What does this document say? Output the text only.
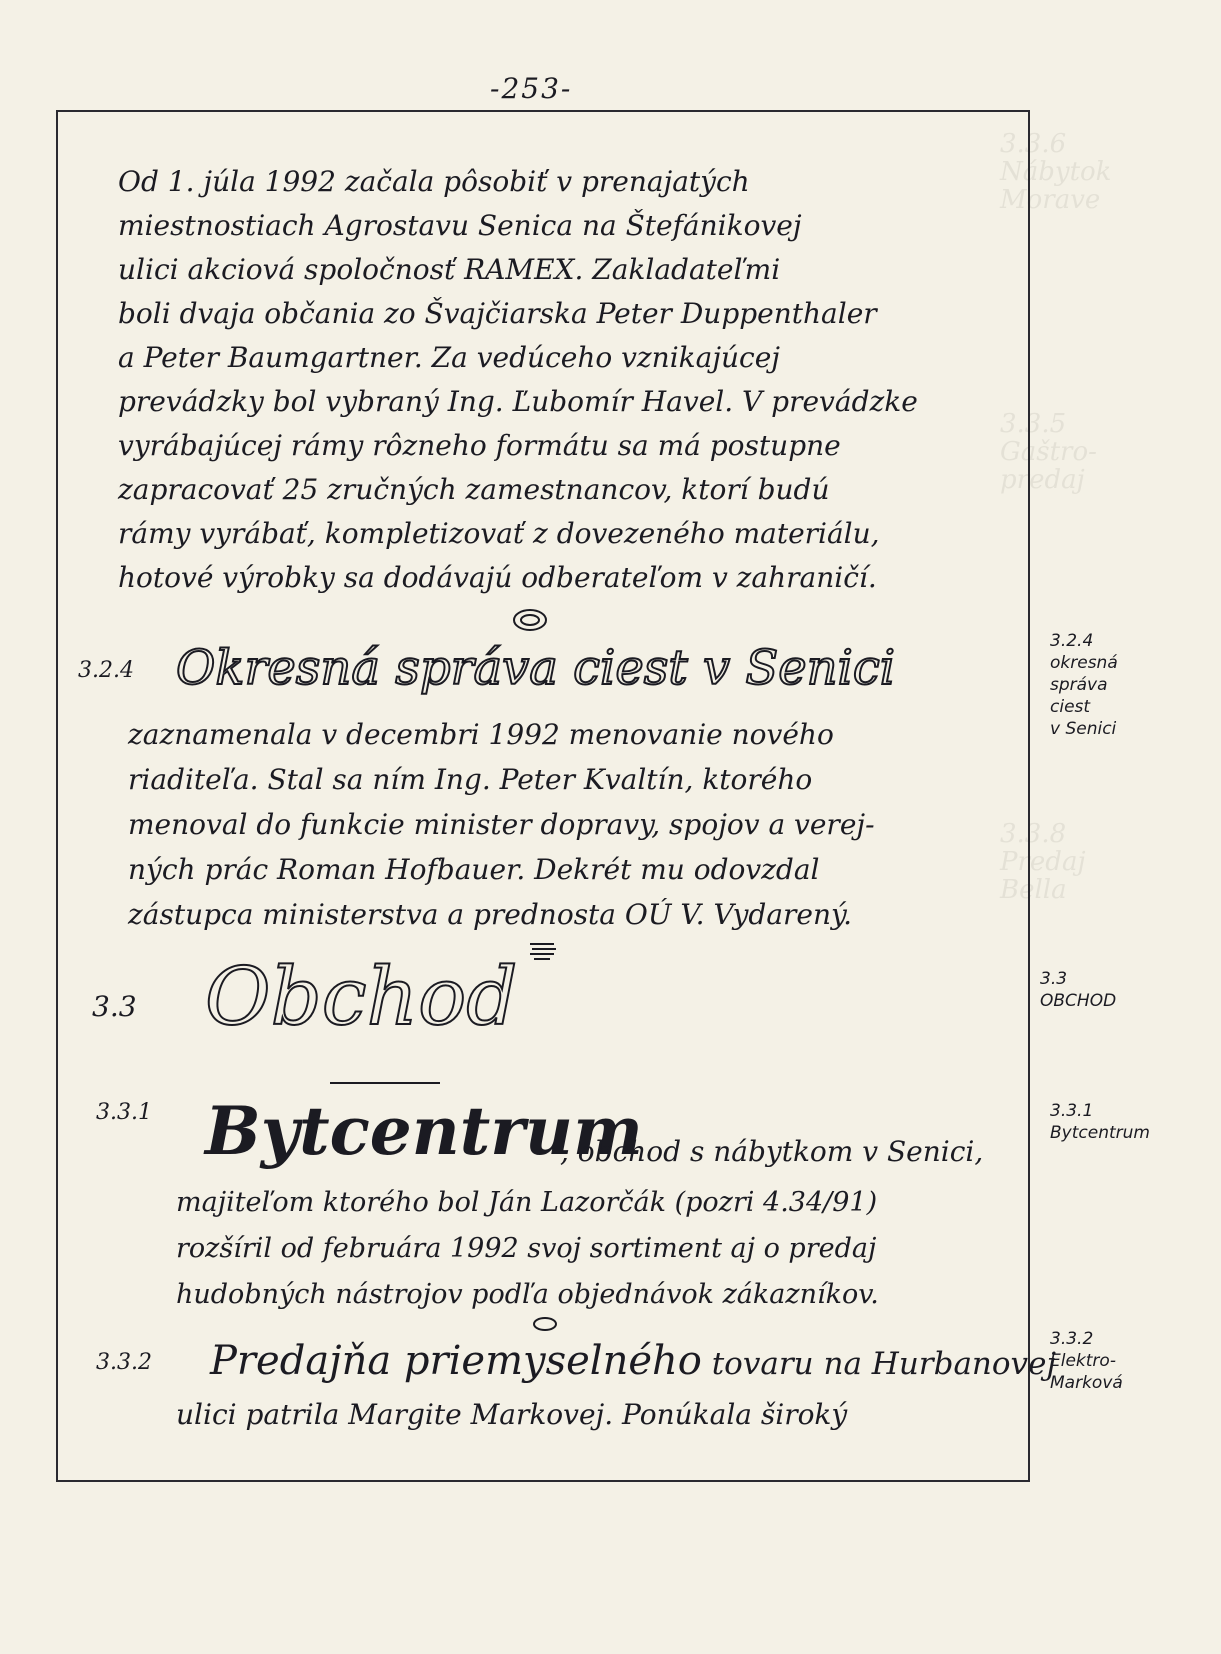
3.3.6
Nábytok
Morave
3.3.5
Gaštro-
predaj
3.3.8
Predaj
Bella
-253-
Od 1. júla 1992 začala pôsobiť v prenajatých
miestnostiach Agrostavu Senica na Štefánikovej
ulici akciová spoločnosť RAMEX. Zakladateľmi
boli dvaja občania zo Švajčiarska Peter Duppenthaler
a Peter Baumgartner. Za vedúceho vznikajúcej
prevádzky bol vybraný Ing. Ľubomír Havel. V prevádzke
vyrábajúcej rámy rôzneho formátu sa má postupne
zapracovať 25 zručných zamestnancov, ktorí budú
rámy vyrábať, kompletizovať z dovezeného materiálu,
hotové výrobky sa dodávajú odberateľom v zahraničí.
3.2.4 Okresná správa ciest v Senici
zaznamenala v decembri 1992 menovanie nového
riaditeľa. Stal sa ním Ing. Peter Kvaltín, ktorého
menoval do funkcie minister dopravy, spojov a verej-
ných prác Roman Hofbauer. Dekrét mu odovzdal
zástupca ministerstva a prednosta OÚ V. Vydarený.
3.2.4
okresná
správa
ciest
v Senici
3.3 Obchod	3.3
OBCHOD
3.3.1 Bytcentrum
, obchod s nábytkom v Senici,
majiteľom ktorého bol Ján Lazorčák (pozri 4.34/91)
rozšíril od februára 1992 svoj sortiment aj o predaj
hudobných nástrojov podľa objednávok zákazníkov.
3.3.1
Bytcentrum
3.3.2 Predajňa priemyselného tovaru na Hurbanovej
ulici patrila Margite Markovej. Ponúkala široký
3.3.2
Elektro-
Marková
